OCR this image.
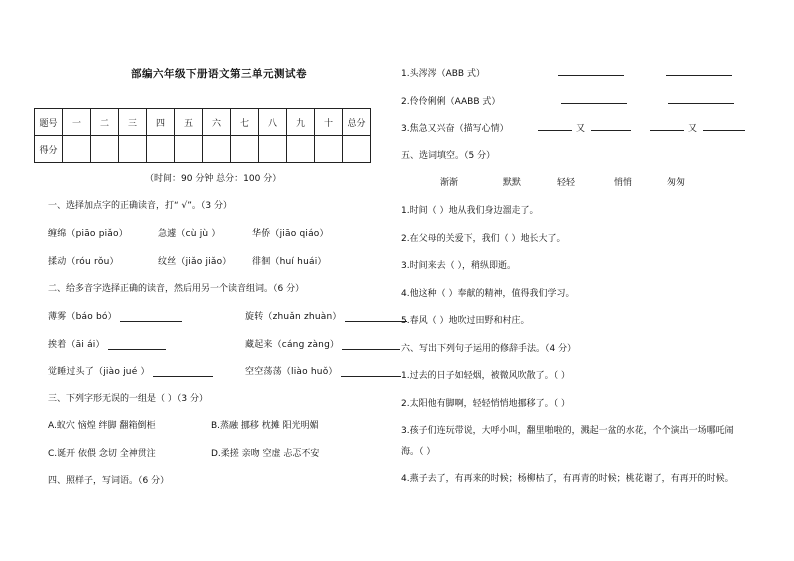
部编六年级下册语文第三单元测试卷
题号	一	二	三	四	五	六	七	八	九	十	总分
得分											
（时间：90 分钟 总分：100 分）
一、选择加点字的正确读音，打“ √”。（3 分）
缠绵（piāo piǎo）	急遽（cù jù ）	华侨（jiāo qiáo）
揉动（róu rǒu）	纹丝（jiǎo jiǎo） 徘徊（huí huái）
二、给多音字选择正确的读音，然后用另一个读音组词。（6 分）
薄雾（báo bó）	旋转（zhuǎn zhuàn）
挨着（āi ái）	藏起来（cáng zàng）
觉睡过头了（jiào jué ）	空空荡荡（liào huǒ）
三、下列字形无误的一组是（ ）（3 分）
A.蚁穴 恼煌 绊脚 翻箱倒柜	B.蒸融 挪移 枕摊 阳光明媚
C.诞开 依偎 念切 全神贯注	D.柔搓 亲吻 空虚 忐忑不安
四、照样子，写词语。（6 分）
1.头涔涔（ABB 式）
2.伶伶俐俐（AABB 式）
3.焦急又兴奋（描写心情）	又	又
五、选词填空。（5 分）
渐渐	默默	轻轻	悄悄	匆匆
1.时间（ ）地从我们身边溜走了。
2.在父母的关爱下，我们（ ）地长大了。
3.时间来去（ ），稍纵即逝。
4.他这种（ ）奉献的精神，值得我们学习。
5.春风（ ）地吹过田野和村庄。
六、写出下列句子运用的修辞手法。（4 分）
1.过去的日子如轻烟，被微风吹散了。（ ）
2.太阳他有脚啊，轻轻悄悄地挪移了。（ ）
3.孩子们连玩带说，大呼小叫，翻里啪啦的，溅起一盆的水花，个个演出一场哪吒闹
海。（ ）
4.燕子去了，有再来的时候；杨柳枯了，有再青的时候；桃花谢了，有再开的时候。
